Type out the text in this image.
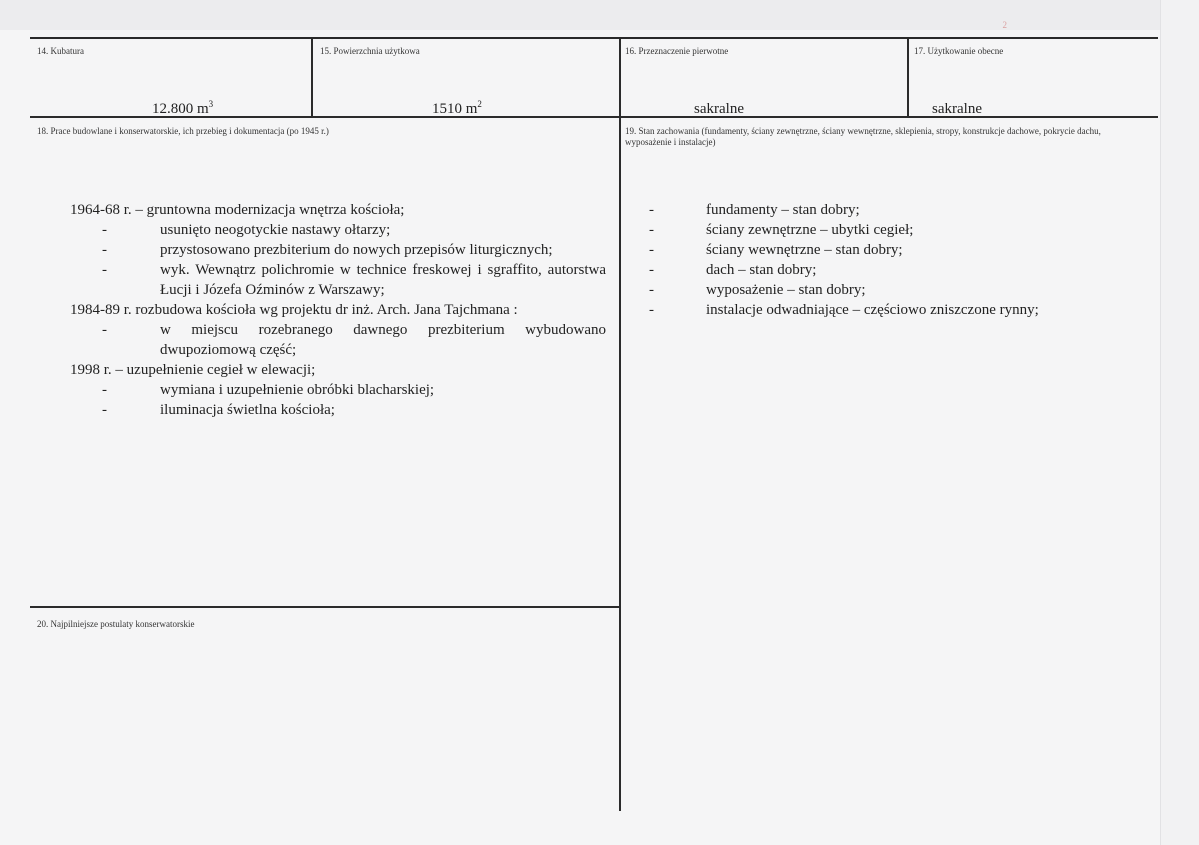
2
14. Kubatura
12.800 $m^3$
15. Powierzchnia użytkowa
1510 $m^2$
16. Przeznaczenie pierwotne
sakralne
17. Użytkowanie obecne
sakralne
18. Prace budowlane i konserwatorskie, ich przebieg i dokumentacja (po 1945 r.)
1964-68 r. – gruntowna modernizacja wnętrza kościoła;
-	usunięto neogotyckie nastawy ołtarzy;
-	przystosowano prezbiterium do nowych przepisów liturgicznych;
-	wyk. Wewnątrz polichromie w technice freskowej i sgraffito, autorstwa Łucji i Józefa Oźminów z Warszawy;
1984-89 r. rozbudowa kościoła wg projektu dr inż. Arch. Jana Tajchmana :
-	w miejscu rozebranego dawnego prezbiterium wybudowano dwupoziomową część;
1998 r. – uzupełnienie cegieł w elewacji;
-	wymiana i uzupełnienie obróbki blacharskiej;
-	iluminacja świetlna kościoła;
19. Stan zachowania (fundamenty, ściany zewnętrzne, ściany wewnętrzne, sklepienia, stropy, konstrukcje dachowe, pokrycie dachu, wyposażenie i instalacje)
-	fundamenty – stan dobry;
-	ściany zewnętrzne – ubytki cegieł;
-	ściany wewnętrzne – stan dobry;
-	dach – stan dobry;
-	wyposażenie – stan dobry;
-	instalacje odwadniające – częściowo zniszczone rynny;
20. Najpilniejsze postulaty konserwatorskie
